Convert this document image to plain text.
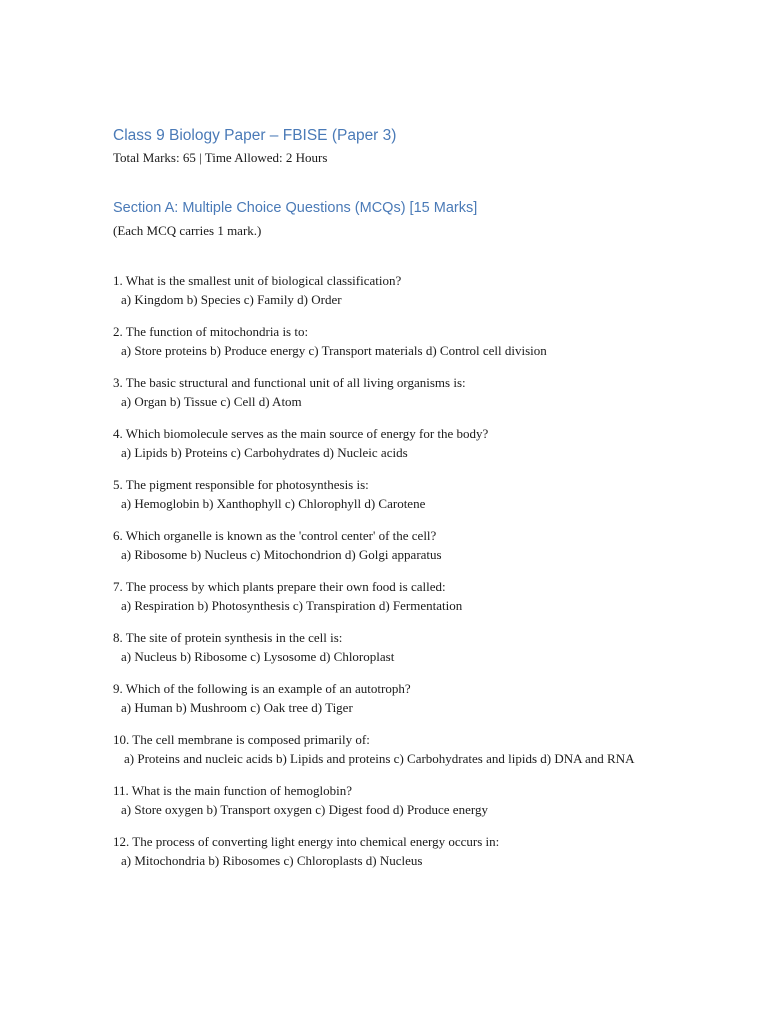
Class 9 Biology Paper – FBISE (Paper 3)

Total Marks: 65 | Time Allowed: 2 Hours

Section A: Multiple Choice Questions (MCQs) [15 Marks]

(Each MCQ carries 1 mark.)

1. What is the smallest unit of biological classification?
a) Kingdom b) Species c) Family d) Order
2. The function of mitochondria is to:
a) Store proteins b) Produce energy c) Transport materials d) Control cell division
3. The basic structural and functional unit of all living organisms is:
a) Organ b) Tissue c) Cell d) Atom
4. Which biomolecule serves as the main source of energy for the body?
a) Lipids b) Proteins c) Carbohydrates d) Nucleic acids
5. The pigment responsible for photosynthesis is:
a) Hemoglobin b) Xanthophyll c) Chlorophyll d) Carotene
6. Which organelle is known as the 'control center' of the cell?
a) Ribosome b) Nucleus c) Mitochondrion d) Golgi apparatus
7. The process by which plants prepare their own food is called:
a) Respiration b) Photosynthesis c) Transpiration d) Fermentation
8. The site of protein synthesis in the cell is:
a) Nucleus b) Ribosome c) Lysosome d) Chloroplast
9. Which of the following is an example of an autotroph?
a) Human b) Mushroom c) Oak tree d) Tiger
10. The cell membrane is composed primarily of:
a) Proteins and nucleic acids b) Lipids and proteins c) Carbohydrates and lipids d) DNA and RNA
11. What is the main function of hemoglobin?
a) Store oxygen b) Transport oxygen c) Digest food d) Produce energy
12. The process of converting light energy into chemical energy occurs in:
a) Mitochondria b) Ribosomes c) Chloroplasts d) Nucleus
